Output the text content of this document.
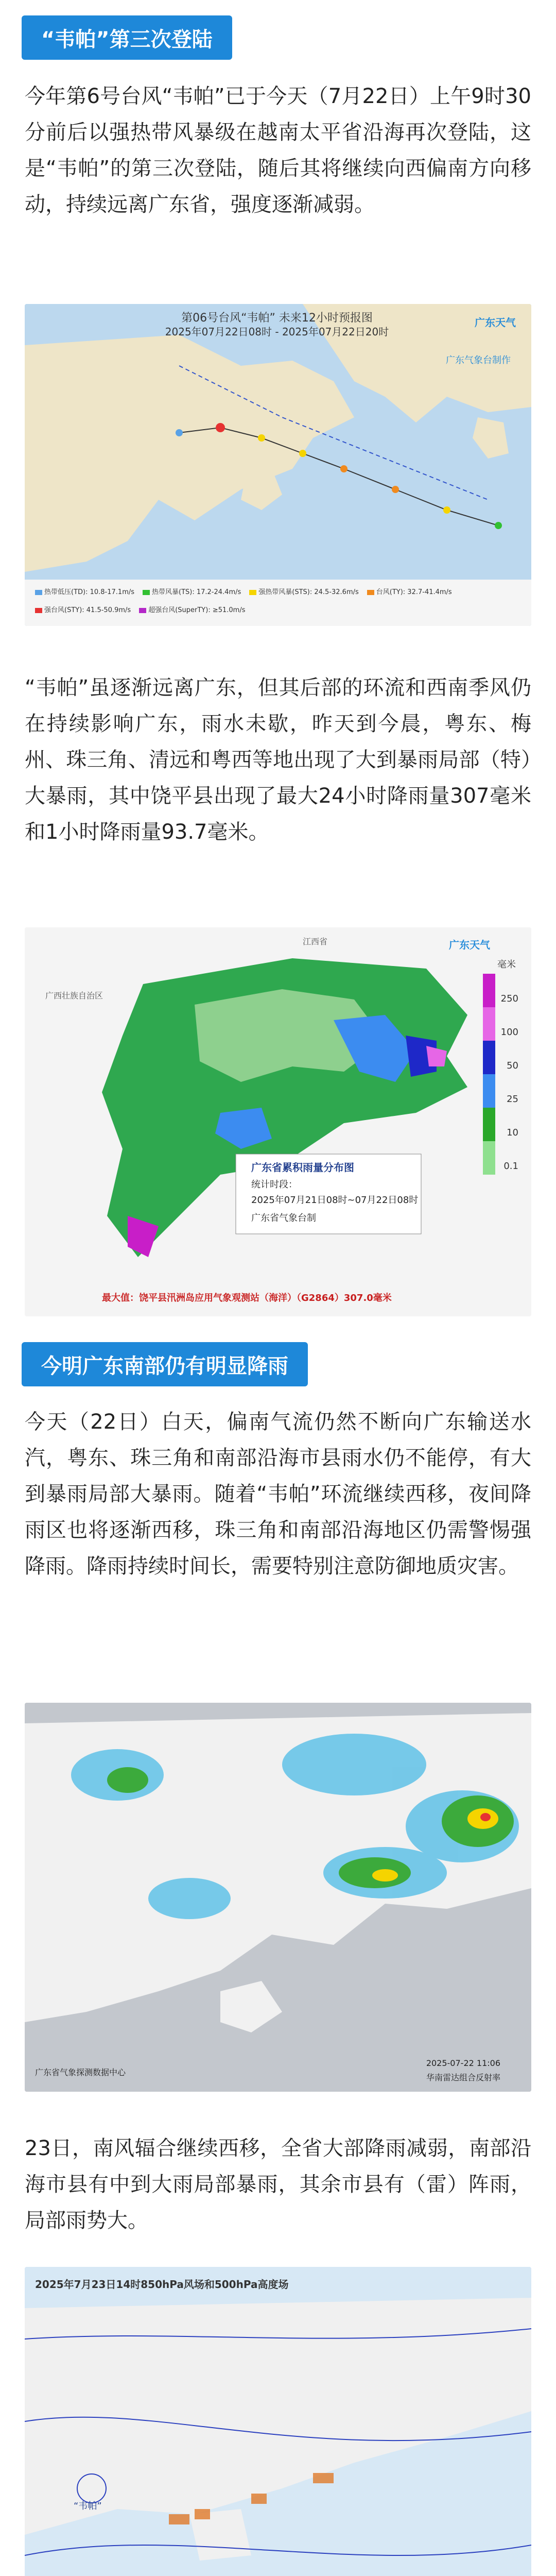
“韦帕”第三次登陆

今年第6号台风“韦帕”已于今天（7月22日）上午9时30分前后以强热带风暴级在越南太平省沿海再次登陆，这是“韦帕”的第三次登陆，随后其将继续向西偏南方向移动，持续远离广东省，强度逐渐减弱。

第06号台风“韦帕” 未来12小时预报图
2025年07月22日08时 - 2025年07月22日20时
广东天气
广东气象台制作
热带低压(TD): 10.8-17.1m/s	热带风暴(TS): 17.2-24.4m/s	强热带风暴(STS): 24.5-32.6m/s	台风(TY): 32.7-41.4m/s
强台风(STY): 41.5-50.9m/s	超强台风(SuperTY): ≥51.0m/s

“韦帕”虽逐渐远离广东，但其后部的环流和西南季风仍在持续影响广东，雨水未歇，昨天到今晨，粤东、梅州、珠三角、清远和粤西等地出现了大到暴雨局部（特）大暴雨，其中饶平县出现了最大24小时降雨量307毫米和1小时降雨量93.7毫米。

广西壮族自治区
江西省	广东天气
毫米
250
100
50
25
10
0.1
广东省累积雨量分布图
统计时段：
2025年07月21日08时~07月22日08时
广东省气象台制
最大值：饶平县汛洲岛应用气象观测站（海洋）（G2864）307.0毫米
今明广东南部仍有明显降雨

今天（22日）白天，偏南气流仍然不断向广东输送水汽，粤东、珠三角和南部沿海市县雨水仍不能停，有大到暴雨局部大暴雨。随着“韦帕”环流继续西移，夜间降雨区也将逐渐西移，珠三角和南部沿海地区仍需警惕强降雨。降雨持续时间长，需要特别注意防御地质灾害。

广东省气象探测数据中心
2025-07-22 11:06
华南雷达组合反射率

23日，南风辐合继续西移，全省大部降雨减弱，南部沿海市县有中到大雨局部暴雨，其余市县有（雷）阵雨，局部雨势大。

2025年7月23日14时850hPa风场和500hPa高度场
“韦帕”
